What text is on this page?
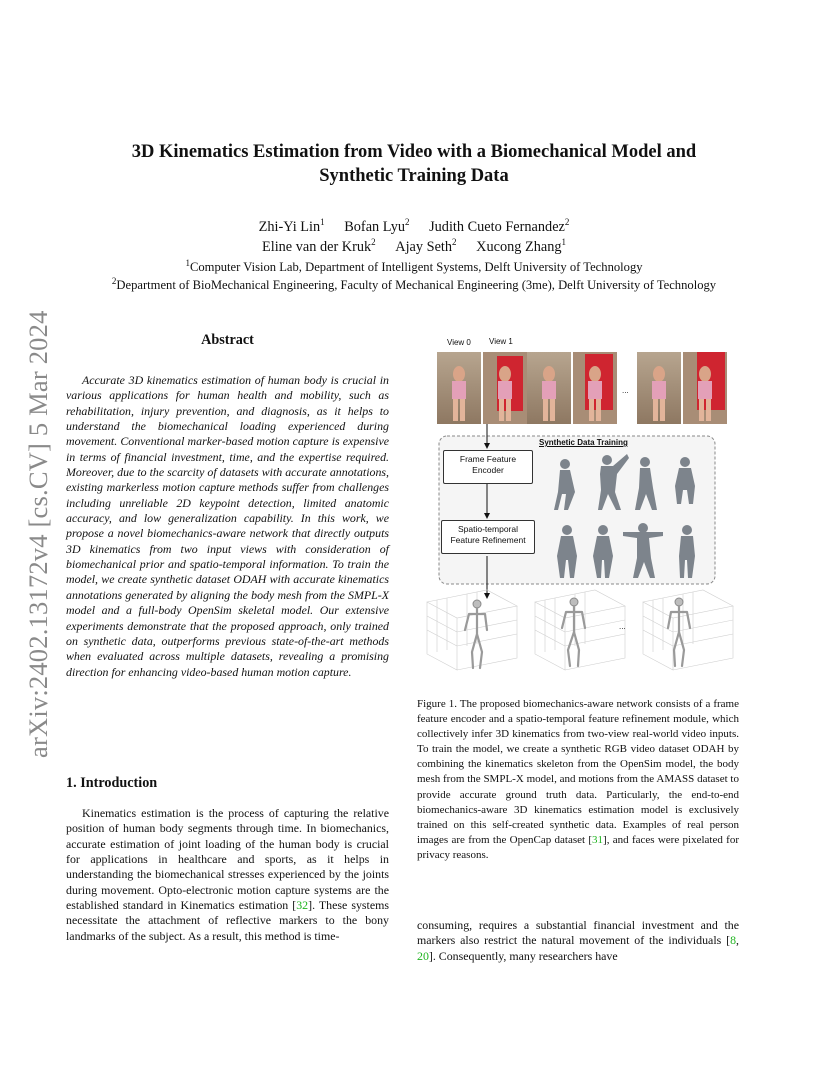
arXiv:2402.13172v4 [cs.CV] 5 Mar 2024
3D Kinematics Estimation from Video with a Biomechanical Model and
Synthetic Training Data
Zhi-Yi Lin$^1$ Bofan Lyu$^2$ Judith Cueto Fernandez$^2$
Eline van der Kruk$^2$ Ajay Seth$^2$ Xucong Zhang$^1$
$^1$Computer Vision Lab, Department of Intelligent Systems, Delft University of Technology
$^2$Department of BioMechanical Engineering, Faculty of Mechanical Engineering (3me), Delft University of Technology
Abstract

Accurate 3D kinematics estimation of human body is crucial in various applications for human health and mobility, such as rehabilitation, injury prevention, and diagnosis, as it helps to understand the biomechanical loading experienced during movement. Conventional marker-based motion capture is expensive in terms of financial investment, time, and the expertise required. Moreover, due to the scarcity of datasets with accurate annotations, existing markerless motion capture methods suffer from challenges including unreliable 2D keypoint detection, limited anatomic accuracy, and low generalization capability. In this work, we propose a novel biomechanics-aware network that directly outputs 3D kinematics from two input views with consideration of biomechanical prior and spatio-temporal information. To train the model, we create synthetic dataset ODAH with accurate kinematics annotations generated by aligning the body mesh from the SMPL-X model and a full-body OpenSim skeletal model. Our extensive experiments demonstrate that the proposed approach, only trained on synthetic data, outperforms previous state-of-the-art methods when evaluated across multiple datasets, revealing a promising direction for enhancing video-based human motion capture.

1. Introduction

Kinematics estimation is the process of capturing the relative position of human body segments through time. In biomechanics, accurate estimation of joint loading of the human body is crucial for applications in healthcare and sports, as it helps in understanding the biomechanical stresses experienced by the joints during movement. Opto-electronic motion capture systems are the established standard in Kinematics estimation [32]. These systems necessitate the attachment of reflective markers to the bony landmarks of the subject. As a result, this method is time-

View 0 View 1
...
Synthetic Data Training
Frame Feature
Encoder
Spatio-temporal
Feature Refinement
...

Figure 1. The proposed biomechanics-aware network consists of a frame feature encoder and a spatio-temporal feature refinement module, which collectively infer 3D kinematics from two-view real-world video inputs. To train the model, we create a synthetic RGB video dataset ODAH by combining the kinematics skeleton from the OpenSim model, the body mesh from the SMPL-X model, and motions from the AMASS dataset to provide accurate ground truth data. Particularly, the end-to-end biomechanics-aware 3D kinematics estimation model is exclusively trained on this self-created synthetic data. Examples of real person images are from the OpenCap dataset [31], and faces were pixelated for privacy reasons.

consuming, requires a substantial financial investment and the markers also restrict the natural movement of the individuals [8, 20]. Consequently, many researchers have
